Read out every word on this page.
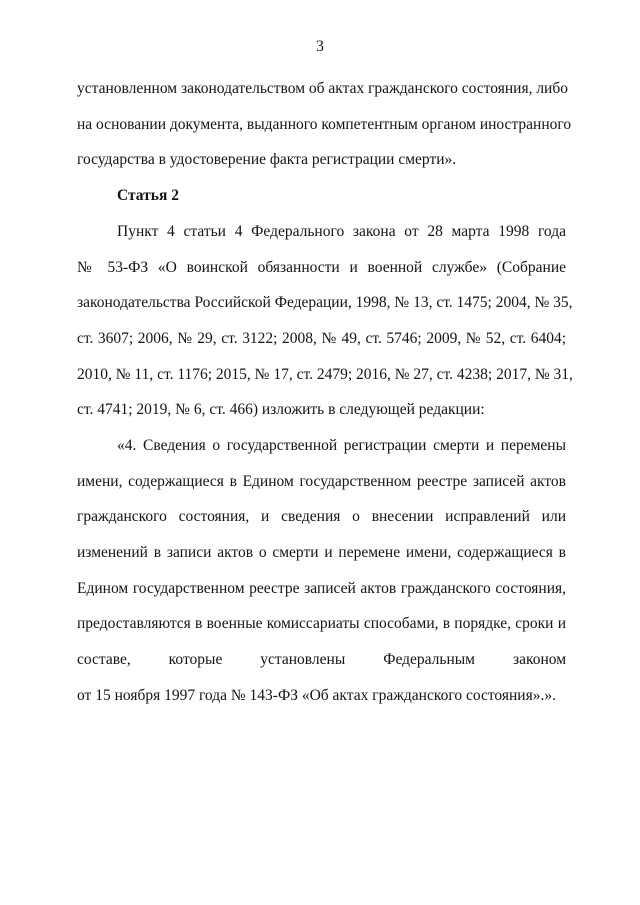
3
установленном законодательством об актах гражданского состояния, либо
на основании документа, выданного компетентным органом иностранного
государства в удостоверение факта регистрации смерти».
Статья 2
Пункт 4 статьи 4 Федерального закона от 28 марта 1998 года
№ 53-ФЗ «О воинской обязанности и военной службе» (Собрание
законодательства Российской Федерации, 1998, № 13, ст. 1475; 2004, № 35,
ст. 3607; 2006, № 29, ст. 3122; 2008, № 49, ст. 5746; 2009, № 52, ст. 6404;
2010, № 11, ст. 1176; 2015, № 17, ст. 2479; 2016, № 27, ст. 4238; 2017, № 31,
ст. 4741; 2019, № 6, ст. 466) изложить в следующей редакции:
«4. Сведения о государственной регистрации смерти и перемены
имени, содержащиеся в Едином государственном реестре записей актов
гражданского состояния, и сведения о внесении исправлений или
изменений в записи актов о смерти и перемене имени, содержащиеся в
Едином государственном реестре записей актов гражданского состояния,
предоставляются в военные комиссариаты способами, в порядке, сроки и
составе, которые установлены Федеральным законом
от 15 ноября 1997 года № 143-ФЗ «Об актах гражданского состояния».».
